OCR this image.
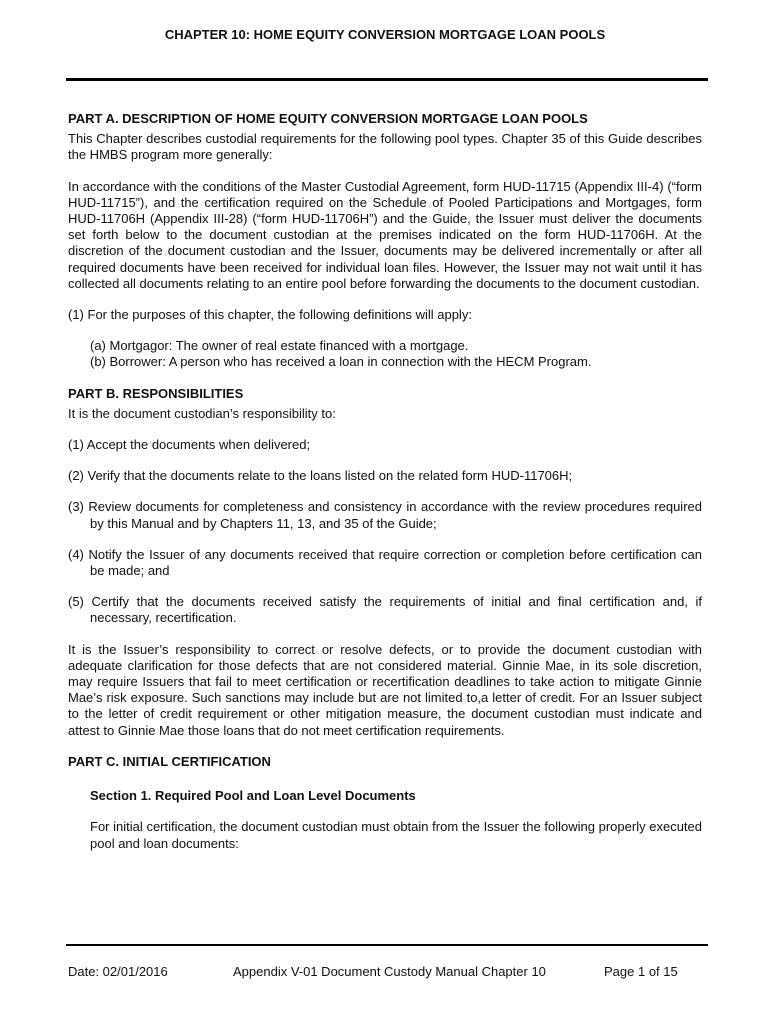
CHAPTER 10: HOME EQUITY CONVERSION MORTGAGE LOAN POOLS

PART A. DESCRIPTION OF HOME EQUITY CONVERSION MORTGAGE LOAN POOLS

This Chapter describes custodial requirements for the following pool types. Chapter 35 of this Guide describes the HMBS program more generally:

In accordance with the conditions of the Master Custodial Agreement, form HUD-11715 (Appendix III-4) (“form HUD-11715”), and the certification required on the Schedule of Pooled Participations and Mortgages, form HUD-11706H (Appendix III-28) (“form HUD-11706H”) and the Guide, the Issuer must deliver the documents set forth below to the document custodian at the premises indicated on the form HUD-11706H. At the discretion of the document custodian and the Issuer, documents may be delivered incrementally or after all required documents have been received for individual loan files. However, the Issuer may not wait until it has collected all documents relating to an entire pool before forwarding the documents to the document custodian.

(1) For the purposes of this chapter, the following definitions will apply:

(a) Mortgagor: The owner of real estate financed with a mortgage.

(b) Borrower: A person who has received a loan in connection with the HECM Program.

PART B. RESPONSIBILITIES

It is the document custodian’s responsibility to:

(1) Accept the documents when delivered;

(2) Verify that the documents relate to the loans listed on the related form HUD-11706H;

(3) Review documents for completeness and consistency in accordance with the review procedures required by this Manual and by Chapters 11, 13, and 35 of the Guide;

(4) Notify the Issuer of any documents received that require correction or completion before certification can be made; and

(5) Certify that the documents received satisfy the requirements of initial and final certification and, if necessary, recertification.

It is the Issuer’s responsibility to correct or resolve defects, or to provide the document custodian with adequate clarification for those defects that are not considered material. Ginnie Mae, in its sole discretion, may require Issuers that fail to meet certification or recertification deadlines to take action to mitigate Ginnie Mae’s risk exposure. Such sanctions may include but are not limited to,a letter of credit. For an Issuer subject to the letter of credit requirement or other mitigation measure, the document custodian must indicate and attest to Ginnie Mae those loans that do not meet certification requirements.

PART C. INITIAL CERTIFICATION

Section 1. Required Pool and Loan Level Documents

For initial certification, the document custodian must obtain from the Issuer the following properly executed pool and loan documents:

Date: 02/01/2016	Appendix V-01 Document Custody Manual Chapter 10	Page 1 of 15
